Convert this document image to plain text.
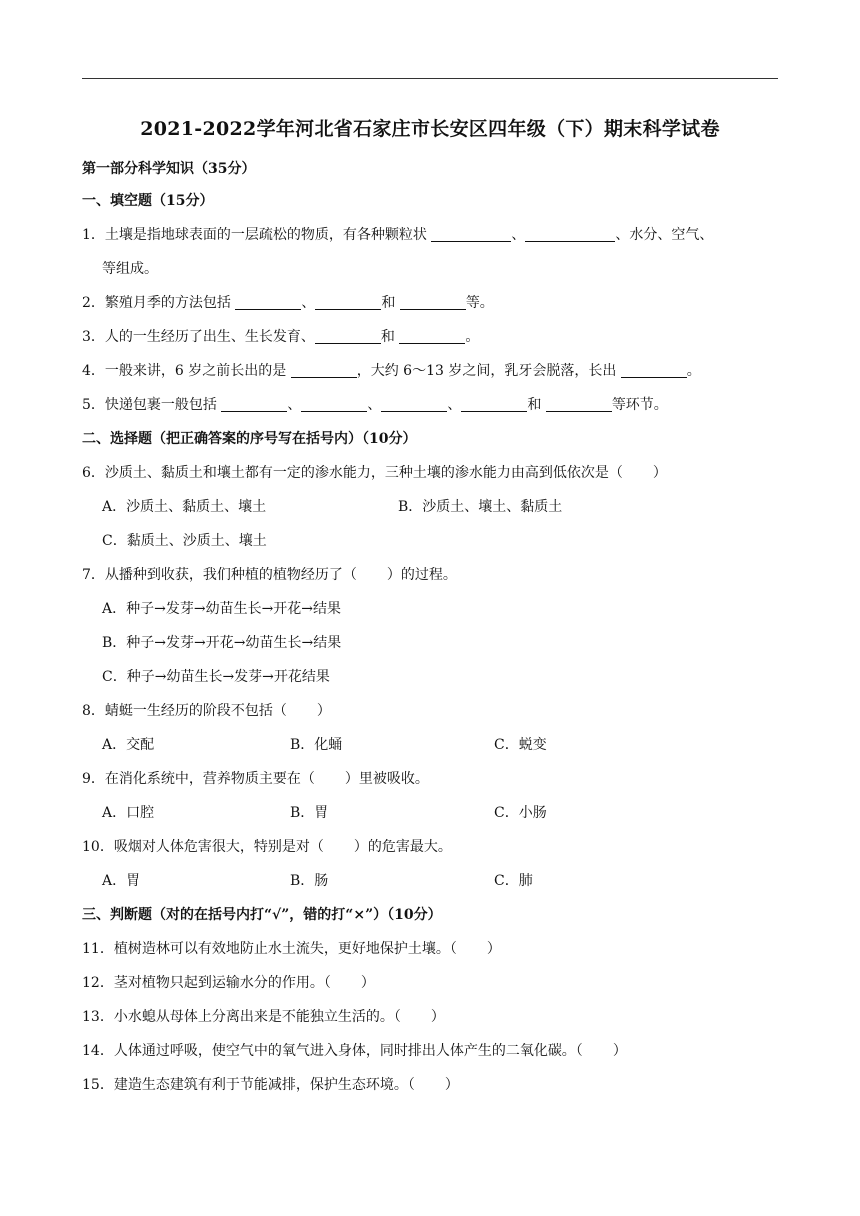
2021-2022学年河北省石家庄市长安区四年级（下）期末科学试卷
第一部分科学知识（35分）
一、填空题（15分）
1．土壤是指地球表面的一层疏松的物质，有各种颗粒状	、	、水分、空气、
等组成。
2．繁殖月季的方法包括	、	和	等。
3．人的一生经历了出生、生长发育、	和	。
4．一般来讲，6 岁之前长出的是	，大约 6～13 岁之间，乳牙会脱落，长出	。
5．快递包裹一般包括	、	、	、	和	等环节。
二、选择题（把正确答案的序号写在括号内）（10分）
6．沙质土、黏质土和壤土都有一定的渗水能力，三种土壤的渗水能力由高到低依次是（ ）
A．沙质土、黏质土、壤土	B．沙质土、壤土、黏质土
C．黏质土、沙质土、壤土
7．从播种到收获，我们种植的植物经历了（ ）的过程。
A．种子→发芽→幼苗生长→开花→结果
B．种子→发芽→开花→幼苗生长→结果
C．种子→幼苗生长→发芽→开花结果
8．蜻蜓一生经历的阶段不包括（ ）
A．交配	B．化蛹	C．蜕变
9．在消化系统中，营养物质主要在（ ）里被吸收。
A．口腔	B．胃	C．小肠
10．吸烟对人体危害很大，特别是对（ ）的危害最大。
A．胃	B．肠	C．肺
三、判断题（对的在括号内打“√”，错的打“×”）（10分）
11．植树造林可以有效地防止水土流失，更好地保护土壤。（ ）
12．茎对植物只起到运输水分的作用。（ ）
13．小水螅从母体上分离出来是不能独立生活的。（ ）
14．人体通过呼吸，使空气中的氧气进入身体，同时排出人体产生的二氧化碳。（ ）
15．建造生态建筑有利于节能减排，保护生态环境。（ ）
